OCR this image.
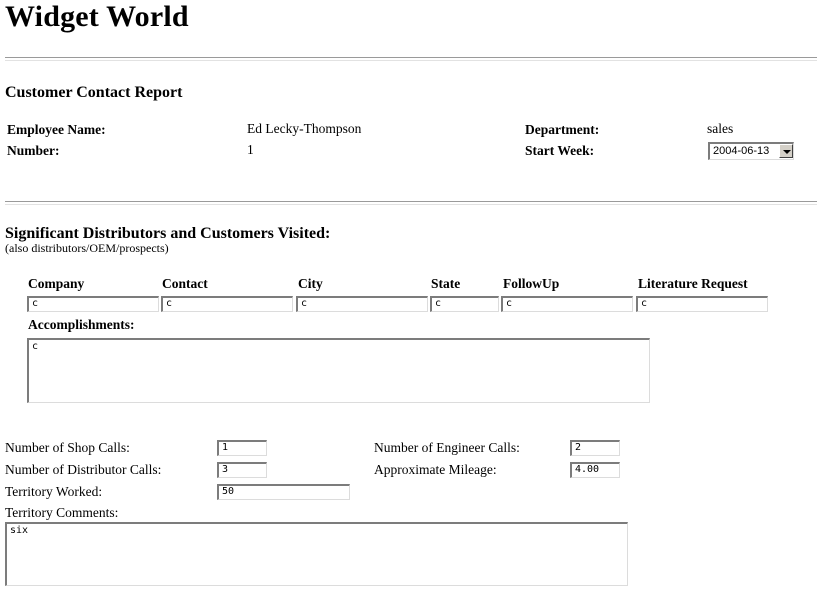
Widget World
Customer Contact Report
Employee Name:	Ed Lecky-Thompson
Number:	1
Department:	sales
Start Week:	2004-06-13
Significant Distributors and Customers Visited:
(also distributors/OEM/prospects)
Company	Contact	City	State	FollowUp	Literature Request
c	c	c	c	c	c
Accomplishments:
c
Number of Shop Calls:	1
Number of Distributor Calls:	3
Territory Worked:	50
Number of Engineer Calls:	2
Approximate Mileage:	4.00
Territory Comments:
six
